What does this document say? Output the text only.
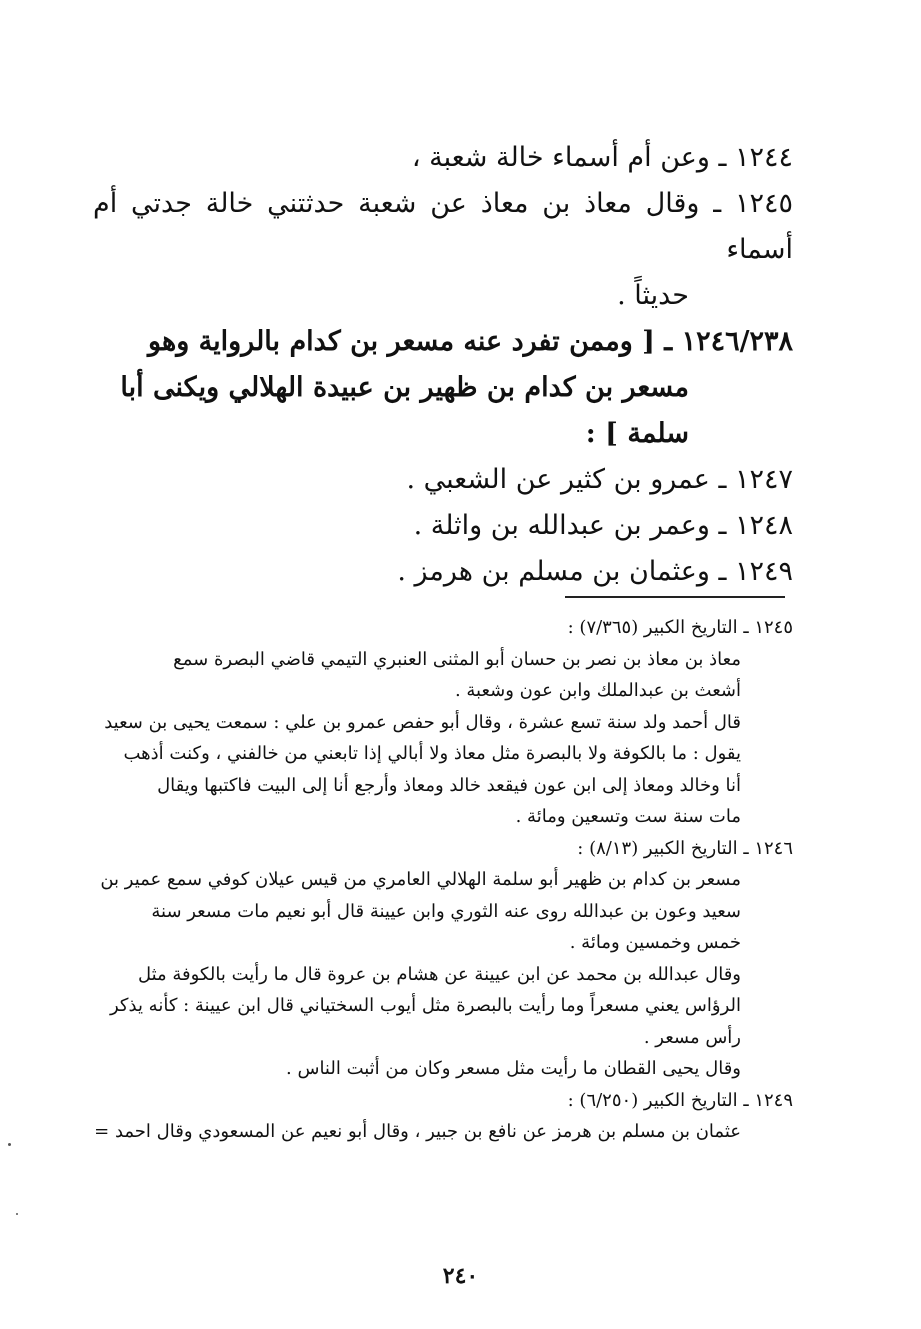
١٢٤٤ ـ وعن أم أسماء خالة شعبة ،

١٢٤٥ ـ وقال معاذ بن معاذ عن شعبة حدثتني خالة جدتي أم أسماء

حديثاً .

١٢٤٦/٢٣٨ ـ [ وممن تفرد عنه مسعر بن كدام بالرواية وهو

مسعر بن كدام بن ظهير بن عبيدة الهلالي ويكنى أبا

سلمة ] :

١٢٤٧ ـ عمرو بن كثير عن الشعبي .

١٢٤٨ ـ وعمر بن عبدالله بن واثلة .

١٢٤٩ ـ وعثمان بن مسلم بن هرمز .

١٢٤٥ ـ التاريخ الكبير (٧/٣٦٥) :

معاذ بن معاذ بن نصر بن حسان أبو المثنى العنبري التيمي قاضي البصرة سمع

أشعث بن عبدالملك وابن عون وشعبة .

قال أحمد ولد سنة تسع عشرة ، وقال أبو حفص عمرو بن علي : سمعت يحيى بن سعيد

يقول : ما بالكوفة ولا بالبصرة مثل معاذ ولا أبالي إذا تابعني من خالفني ، وكنت أذهب

أنا وخالد ومعاذ إلى ابن عون فيقعد خالد ومعاذ وأرجع أنا إلى البيت فاكتبها ويقال

مات سنة ست وتسعين ومائة .

١٢٤٦ ـ التاريخ الكبير (٨/١٣) :

مسعر بن كدام بن ظهير أبو سلمة الهلالي العامري من قيس عيلان كوفي سمع عمير بن

سعيد وعون بن عبدالله روى عنه الثوري وابن عيينة قال أبو نعيم مات مسعر سنة

خمس وخمسين ومائة .

وقال عبدالله بن محمد عن ابن عيينة عن هشام بن عروة قال ما رأيت بالكوفة مثل

الرؤاس يعني مسعراً وما رأيت بالبصرة مثل أيوب السختياني قال ابن عيينة : كأنه يذكر

رأس مسعر .

وقال يحيى القطان ما رأيت مثل مسعر وكان من أثبت الناس .

١٢٤٩ ـ التاريخ الكبير (٦/٢٥٠) :

عثمان بن مسلم بن هرمز عن نافع بن جبير ، وقال أبو نعيم عن المسعودي وقال احمد =

٢٤٠
